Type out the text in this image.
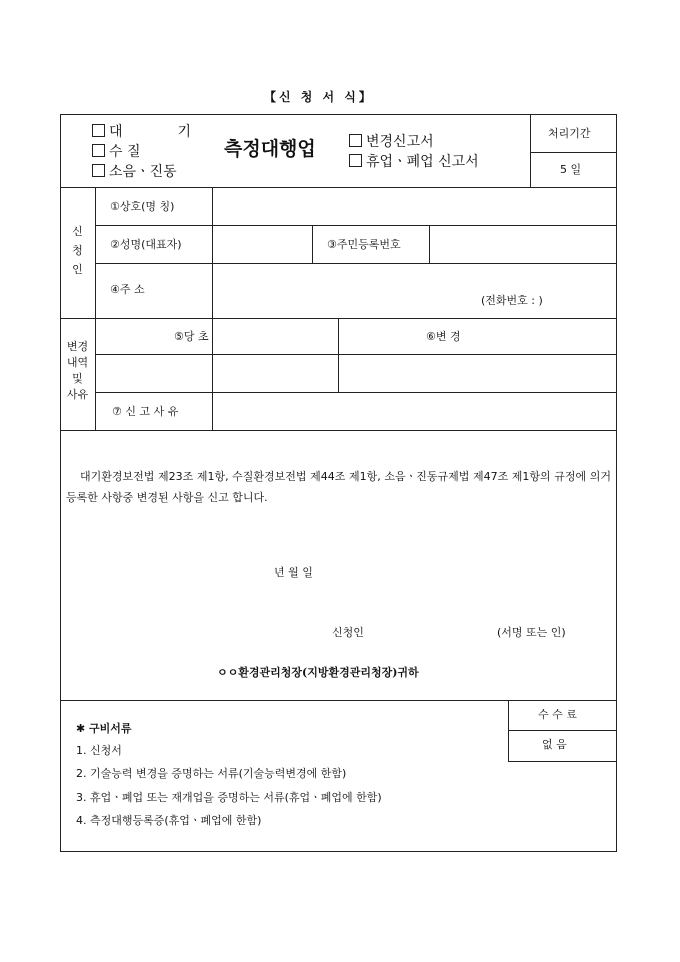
【신 청 서 식】
대 기
수 질
소음ㆍ진동
측정대행업	변경신고서
휴업ㆍ폐업 신고서
처리기간
5 일
신
청
인
①상호(명 칭)
②성명(대표자)	③주민등록번호
④주 소
(전화번호 : )
변경
내역
및
사유
⑤당 초	⑥변 경
⑦ 신 고 사 유
대기환경보전법 제23조 제1항, 수질환경보전법 제44조 제1항, 소음ㆍ진동규제법 제47조 제1항의 규정에 의거 등록한 사항중 변경된 사항을 신고 합니다.
년 월 일
신청인	(서명 또는 인)
ㅇㅇ환경관리청장(지방환경관리청장)귀하
수 수 료
없 음
✱ 구비서류
1. 신청서
2. 기술능력 변경을 증명하는 서류(기술능력변경에 한함)
3. 휴업ㆍ폐업 또는 재개업을 증명하는 서류(휴업ㆍ폐업에 한함)
4. 측정대행등록증(휴업ㆍ폐업에 한함)
